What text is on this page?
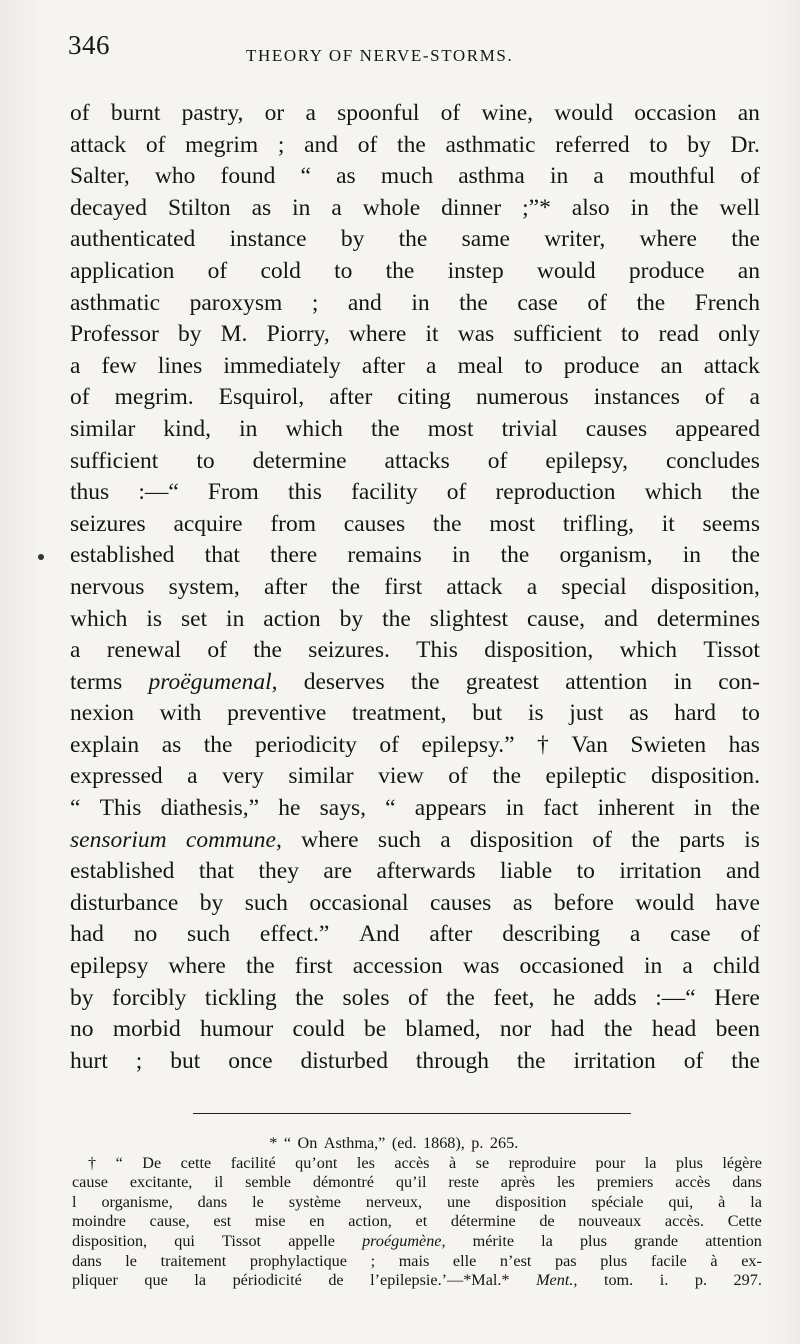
346	THEORY OF NERVE-STORMS.
of burnt pastry, or a spoonful of wine, would occasion an
attack of megrim ; and of the asthmatic referred to by Dr.
Salter, who found “ as much asthma in a mouthful of
decayed Stilton as in a whole dinner ;”* also in the well
authenticated instance by the same writer, where the
application of cold to the instep would produce an
asthmatic paroxysm ; and in the case of the French
Professor by M. Piorry, where it was sufficient to read only
a few lines immediately after a meal to produce an attack
of megrim. Esquirol, after citing numerous instances of a
similar kind, in which the most trivial causes appeared
sufficient to determine attacks of epilepsy, concludes
thus :—“ From this facility of reproduction which the
seizures acquire from causes the most trifling, it seems
established that there remains in the organism, in the
nervous system, after the first attack a special disposition,
which is set in action by the slightest cause, and determines
a renewal of the seizures. This disposition, which Tissot
terms proëgumenal, deserves the greatest attention in con-
nexion with preventive treatment, but is just as hard to
explain as the periodicity of epilepsy.” † Van Swieten has
expressed a very similar view of the epileptic disposition.
“ This diathesis,” he says, “ appears in fact inherent in the
sensorium commune, where such a disposition of the parts is
established that they are afterwards liable to irritation and
disturbance by such occasional causes as before would have
had no such effect.” And after describing a case of
epilepsy where the first accession was occasioned in a child
by forcibly tickling the soles of the feet, he adds :—“ Here
no morbid humour could be blamed, nor had the head been
hurt ; but once disturbed through the irritation of the
* “ On Asthma,” (ed. 1868), p. 265.
† “ De cette facilité qu’ont les accès à se reproduire pour la plus légère
cause excitante, il semble démontré qu’il reste après les premiers accès dans
l organisme, dans le système nerveux, une disposition spéciale qui, à la
moindre cause, est mise en action, et détermine de nouveaux accès. Cette
disposition, qui Tissot appelle proégumène, mérite la plus grande attention
dans le traitement prophylactique ; mais elle n’est pas plus facile à ex-
pliquer que la périodicité de l’epilepsie.’—*Mal.* Ment., tom. i. p. 297.
